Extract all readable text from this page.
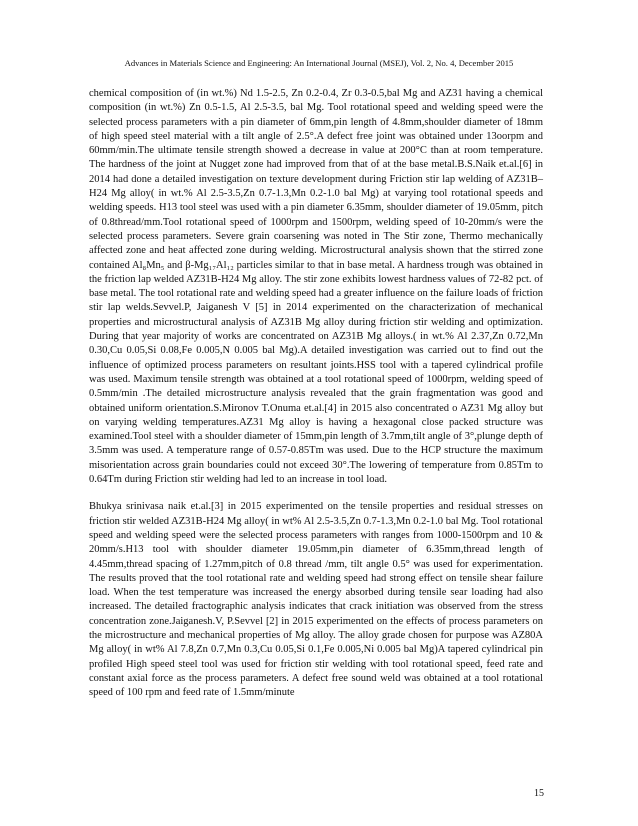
Advances in Materials Science and Engineering: An International Journal (MSEJ), Vol. 2, No. 4, December 2015

chemical composition of (in wt.%) Nd 1.5-2.5, Zn 0.2-0.4, Zr 0.3-0.5,bal Mg and AZ31 having a chemical composition (in wt.%) Zn 0.5-1.5, Al 2.5-3.5, bal Mg. Tool rotational speed and welding speed were the selected process parameters with a pin diameter of 6mm,pin length of 4.8mm,shoulder diameter of 18mm of high speed steel material with a tilt angle of 2.5°.A defect free joint was obtained under 13oorpm and 60mm/min.The ultimate tensile strength showed a decrease in value at 200°C than at room temperature. The hardness of the joint at Nugget zone had improved from that of at the base metal.B.S.Naik et.al.[6] in 2014 had done a detailed investigation on texture development during Friction stir lap welding of AZ31B–H24 Mg alloy( in wt.% Al 2.5-3.5,Zn 0.7-1.3,Mn 0.2-1.0 bal Mg) at varying tool rotational speeds and welding speeds. H13 tool steel was used with a pin diameter 6.35mm, shoulder diameter of 19.05mm, pitch of 0.8thread/mm.Tool rotational speed of 1000rpm and 1500rpm, welding speed of 10-20mm/s were the selected process parameters. Severe grain coarsening was noted in The Stir zone, Thermo mechanically affected zone and heat affected zone during welding. Microstructural analysis shown that the stirred zone contained Al₈Mn₅ and β-Mg₁₇Al₁₂ particles similar to that in base metal. A hardness trough was obtained in the friction lap welded AZ31B-H24 Mg alloy. The stir zone exhibits lowest hardness values of 72-82 pct. of base metal. The tool rotational rate and welding speed had a greater influence on the failure loads of friction stir lap welds.Sevvel.P, Jaiganesh V [5] in 2014 experimented on the characterization of mechanical properties and microstructural analysis of AZ31B Mg alloy during friction stir welding and optimization. During that year majority of works are concentrated on AZ31B Mg alloys.( in wt.% Al 2.37,Zn 0.72,Mn 0.30,Cu 0.05,Si 0.08,Fe 0.005,N 0.005 bal Mg).A detailed investigation was carried out to find out the influence of optimized process parameters on resultant joints.HSS tool with a tapered cylindrical profile was used. Maximum tensile strength was obtained at a tool rotational speed of 1000rpm, welding speed of 0.5mm/min .The detailed microstructure analysis revealed that the grain fragmentation was good and obtained uniform orientation.S.Mironov T.Onuma et.al.[4] in 2015 also concentrated o AZ31 Mg alloy but on varying welding temperatures.AZ31 Mg alloy is having a hexagonal close packed structure was examined.Tool steel with a shoulder diameter of 15mm,pin length of 3.7mm,tilt angle of 3°,plunge depth of 3.5mm was used. A temperature range of 0.57-0.85Tm was used. Due to the HCP structure the maximum misorientation across grain boundaries could not exceed 30°.The lowering of temperature from 0.85Tm to 0.64Tm during Friction stir welding had led to an increase in tool load.

Bhukya srinivasa naik et.al.[3] in 2015 experimented on the tensile properties and residual stresses on friction stir welded AZ31B-H24 Mg alloy( in wt% Al 2.5-3.5,Zn 0.7-1.3,Mn 0.2-1.0 bal Mg. Tool rotational speed and welding speed were the selected process parameters with ranges from 1000-1500rpm and 10 & 20mm/s.H13 tool with shoulder diameter 19.05mm,pin diameter of 6.35mm,thread length of 4.45mm,thread spacing of 1.27mm,pitch of 0.8 thread /mm, tilt angle 0.5° was used for experimentation. The results proved that the tool rotational rate and welding speed had strong effect on tensile shear failure load. When the test temperature was increased the energy absorbed during tensile sear loading had also increased. The detailed fractographic analysis indicates that crack initiation was observed from the stress concentration zone.Jaiganesh.V, P.Sevvel [2] in 2015 experimented on the effects of process parameters on the microstructure and mechanical properties of Mg alloy. The alloy grade chosen for purpose was AZ80A Mg alloy( in wt% Al 7.8,Zn 0.7,Mn 0.3,Cu 0.05,Si 0.1,Fe 0.005,Ni 0.005 bal Mg)A tapered cylindrical pin profiled High speed steel tool was used for friction stir welding with tool rotational speed, feed rate and constant axial force as the process parameters. A defect free sound weld was obtained at a tool rotational speed of 100 rpm and feed rate of 1.5mm/minute

15
